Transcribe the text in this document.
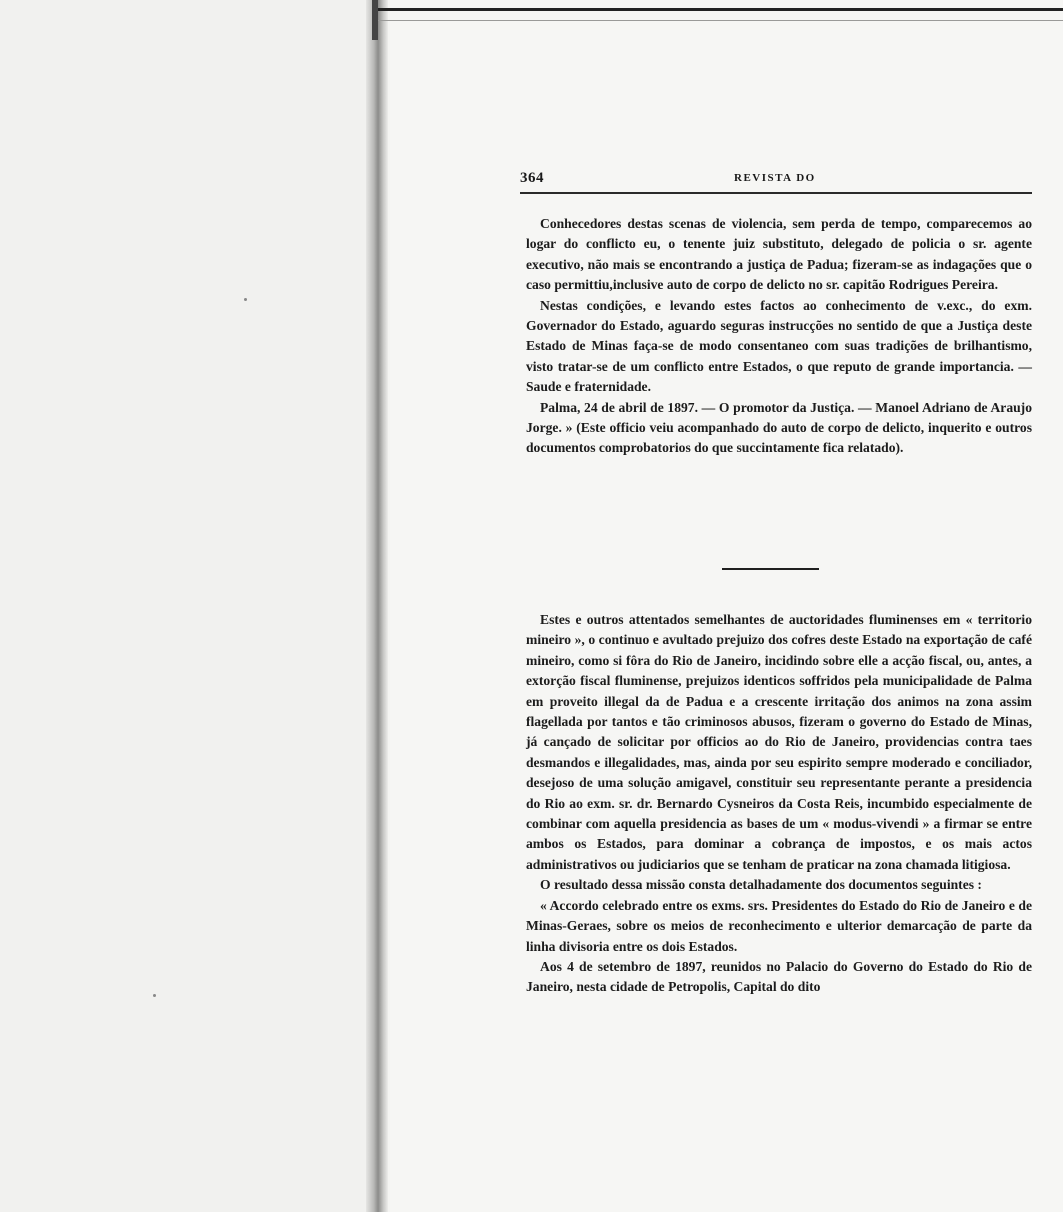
364	REVISTA DO

Conhecedores destas scenas de violencia, sem perda de tempo, comparecemos ao logar do conflicto eu, o tenente juiz substituto, delegado de policia o sr. agente executivo, não mais se encontrando a justiça de Padua; fizeram-se as indagações que o caso permittiu,inclusive auto de corpo de delicto no sr. capitão Rodrigues Pereira.

Nestas condições, e levando estes factos ao conhecimento de v.exc., do exm. Governador do Estado, aguardo seguras instrucções no sentido de que a Justiça deste Estado de Minas faça-se de modo consentaneo com suas tradições de brilhantismo, visto tratar-se de um conflicto entre Estados, o que reputo de grande importancia. — Saude e fraternidade.

Palma, 24 de abril de 1897. — O promotor da Justiça. — Manoel Adriano de Araujo Jorge. » (Este officio veiu acompanhado do auto de corpo de delicto, inquerito e outros documentos comprobatorios do que succintamente fica relatado).

Estes e outros attentados semelhantes de auctoridades fluminenses em « territorio mineiro », o continuo e avultado prejuizo dos cofres deste Estado na exportação de café mineiro, como si fôra do Rio de Janeiro, incidindo sobre elle a acção fiscal, ou, antes, a extorção fiscal fluminense, prejuizos identicos soffridos pela municipalidade de Palma em proveito illegal da de Padua e a crescente irritação dos animos na zona assim flagellada por tantos e tão criminosos abusos, fizeram o governo do Estado de Minas, já cançado de solicitar por officios ao do Rio de Janeiro, providencias contra taes desmandos e illegalidades, mas, ainda por seu espirito sempre moderado e conciliador, desejoso de uma solução amigavel, constituir seu representante perante a presidencia do Rio ao exm. sr. dr. Bernardo Cysneiros da Costa Reis, incumbido especialmente de combinar com aquella presidencia as bases de um « modus-vivendi » a firmar se entre ambos os Estados, para dominar a cobrança de impostos, e os mais actos administrativos ou judiciarios que se tenham de praticar na zona chamada litigiosa.

O resultado dessa missão consta detalhadamente dos documentos seguintes :

« Accordo celebrado entre os exms. srs. Presidentes do Estado do Rio de Janeiro e de Minas-Geraes, sobre os meios de reconhecimento e ulterior demarcação de parte da linha divisoria entre os dois Estados.

Aos 4 de setembro de 1897, reunidos no Palacio do Governo do Estado do Rio de Janeiro, nesta cidade de Petropolis, Capital do dito
